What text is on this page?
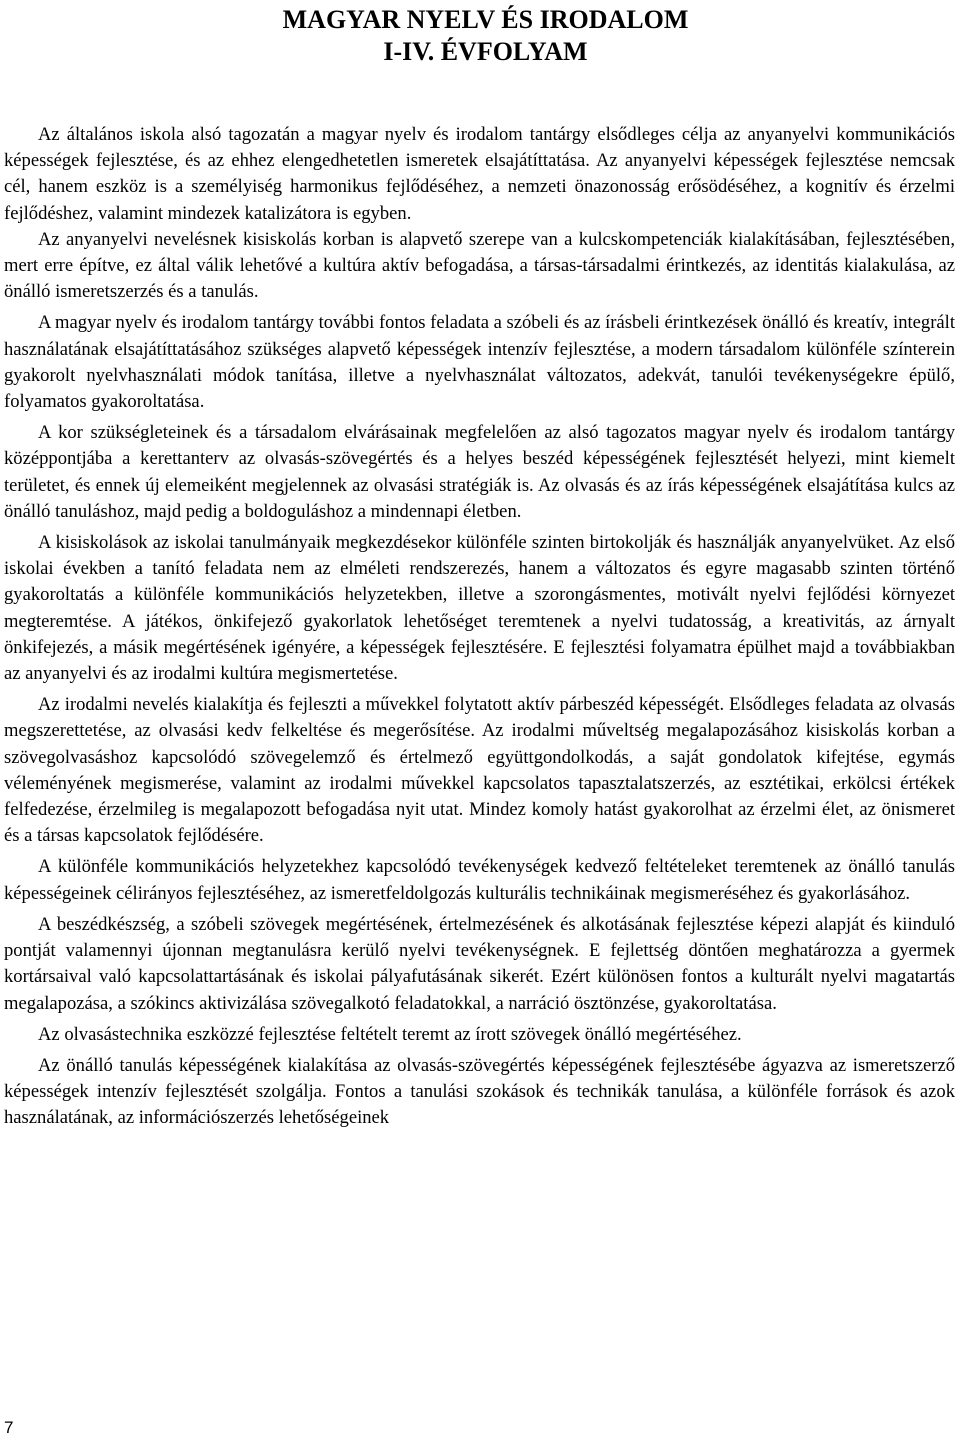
MAGYAR NYELV ÉS IRODALOM
I-IV. ÉVFOLYAM

Az általános iskola alsó tagozatán a magyar nyelv és irodalom tantárgy elsődleges célja az anyanyelvi kommunikációs képességek fejlesztése, és az ehhez elengedhetetlen ismeretek elsajátíttatása. Az anyanyelvi képességek fejlesztése nemcsak cél, hanem eszköz is a személyiség harmonikus fejlődéséhez, a nemzeti önazonosság erősödéséhez, a kognitív és érzelmi fejlődéshez, valamint mindezek katalizátora is egyben.

Az anyanyelvi nevelésnek kisiskolás korban is alapvető szerepe van a kulcskompetenciák kialakításában, fejlesztésében, mert erre építve, ez által válik lehetővé a kultúra aktív befogadása, a társas-társadalmi érintkezés, az identitás kialakulása, az önálló ismeretszerzés és a tanulás.

A magyar nyelv és irodalom tantárgy további fontos feladata a szóbeli és az írásbeli érintkezések önálló és kreatív, integrált használatának elsajátíttatásához szükséges alapvető képességek intenzív fejlesztése, a modern társadalom különféle színterein gyakorolt nyelvhasználati módok tanítása, illetve a nyelvhasználat változatos, adekvát, tanulói tevékenységekre épülő, folyamatos gyakoroltatása.

A kor szükségleteinek és a társadalom elvárásainak megfelelően az alsó tagozatos magyar nyelv és irodalom tantárgy középpontjába a kerettanterv az olvasás-szövegértés és a helyes beszéd képességének fejlesztését helyezi, mint kiemelt területet, és ennek új elemeiként megjelennek az olvasási stratégiák is. Az olvasás és az írás képességének elsajátítása kulcs az önálló tanuláshoz, majd pedig a boldoguláshoz a mindennapi életben.

A kisiskolások az iskolai tanulmányaik megkezdésekor különféle szinten birtokolják és használják anyanyelvüket. Az első iskolai években a tanító feladata nem az elméleti rendszerezés, hanem a változatos és egyre magasabb szinten történő gyakoroltatás a különféle kommunikációs helyzetekben, illetve a szorongásmentes, motivált nyelvi fejlődési környezet megteremtése. A játékos, önkifejező gyakorlatok lehetőséget teremtenek a nyelvi tudatosság, a kreativitás, az árnyalt önkifejezés, a másik megértésének igényére, a képességek fejlesztésére. E fejlesztési folyamatra épülhet majd a továbbiakban az anyanyelvi és az irodalmi kultúra megismertetése.

Az irodalmi nevelés kialakítja és fejleszti a művekkel folytatott aktív párbeszéd képességét. Elsődleges feladata az olvasás megszerettetése, az olvasási kedv felkeltése és megerősítése. Az irodalmi műveltség megalapozásához kisiskolás korban a szövegolvasáshoz kapcsolódó szövegelemző és értelmező együttgondolkodás, a saját gondolatok kifejtése, egymás véleményének megismerése, valamint az irodalmi művekkel kapcsolatos tapasztalatszerzés, az esztétikai, erkölcsi értékek felfedezése, érzelmileg is megalapozott befogadása nyit utat. Mindez komoly hatást gyakorolhat az érzelmi élet, az önismeret és a társas kapcsolatok fejlődésére.

A különféle kommunikációs helyzetekhez kapcsolódó tevékenységek kedvező feltételeket teremtenek az önálló tanulás képességeinek célirányos fejlesztéséhez, az ismeretfeldolgozás kulturális technikáinak megismeréséhez és gyakorlásához.

A beszédkészség, a szóbeli szövegek megértésének, értelmezésének és alkotásának fejlesztése képezi alapját és kiinduló pontját valamennyi újonnan megtanulásra kerülő nyelvi tevékenységnek. E fejlettség döntően meghatározza a gyermek kortársaival való kapcsolattartásának és iskolai pályafutásának sikerét. Ezért különösen fontos a kulturált nyelvi magatartás megalapozása, a szókincs aktivizálása szövegalkotó feladatokkal, a narráció ösztönzése, gyakoroltatása.

Az olvasástechnika eszközzé fejlesztése feltételt teremt az írott szövegek önálló megértéséhez.

Az önálló tanulás képességének kialakítása az olvasás-szövegértés képességének fejlesztésébe ágyazva az ismeretszerző képességek intenzív fejlesztését szolgálja. Fontos a tanulási szokások és technikák tanulása, a különféle források és azok használatának, az információszerzés lehetőségeinek

7
